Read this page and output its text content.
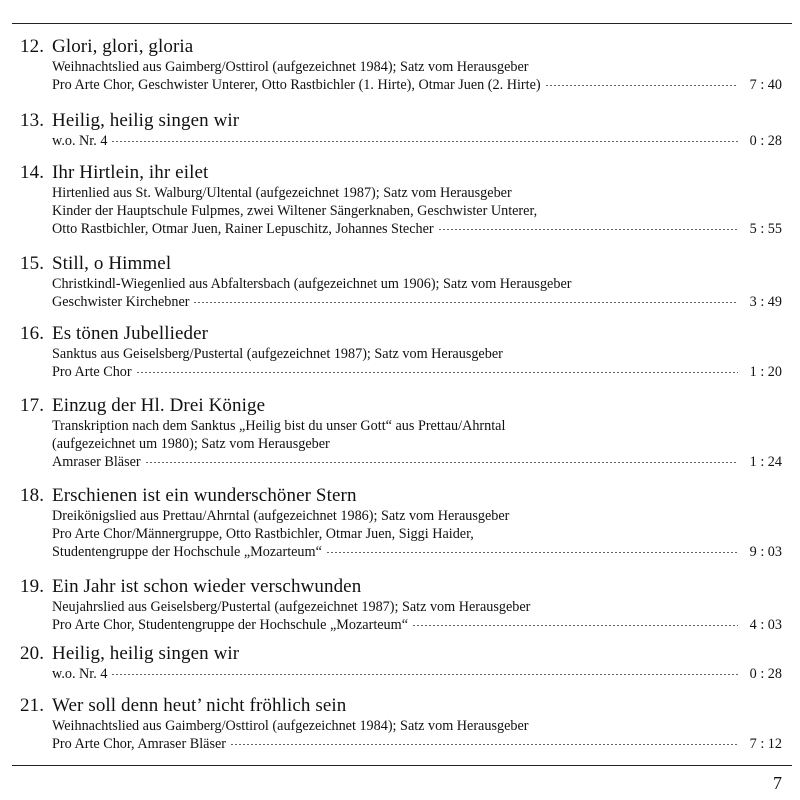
12. Glori, glori, gloria
Weihnachtslied aus Gaimberg/Osttirol (aufgezeichnet 1984); Satz vom Herausgeber
Pro Arte Chor, Geschwister Unterer, Otto Rastbichler (1. Hirte), Otmar Juen (2. Hirte)	7 : 40
13. Heilig, heilig singen wir
w.o. Nr. 4	0 : 28
14. Ihr Hirtlein, ihr eilet
Hirtenlied aus St. Walburg/Ultental (aufgezeichnet 1987); Satz vom Herausgeber
Kinder der Hauptschule Fulpmes, zwei Wiltener Sängerknaben, Geschwister Unterer,
Otto Rastbichler, Otmar Juen, Rainer Lepuschitz, Johannes Stecher	5 : 55
15. Still, o Himmel
Christkindl-Wiegenlied aus Abfaltersbach (aufgezeichnet um 1906); Satz vom Herausgeber
Geschwister Kirchebner	3 : 49
16. Es tönen Jubellieder
Sanktus aus Geiselsberg/Pustertal (aufgezeichnet 1987); Satz vom Herausgeber
Pro Arte Chor	1 : 20
17. Einzug der Hl. Drei Könige
Transkription nach dem Sanktus „Heilig bist du unser Gott“ aus Prettau/Ahrntal
(aufgezeichnet um 1980); Satz vom Herausgeber
Amraser Bläser	1 : 24
18. Erschienen ist ein wunderschöner Stern
Dreikönigslied aus Prettau/Ahrntal (aufgezeichnet 1986); Satz vom Herausgeber
Pro Arte Chor/Männergruppe, Otto Rastbichler, Otmar Juen, Siggi Haider,
Studentengruppe der Hochschule „Mozarteum“	9 : 03
19. Ein Jahr ist schon wieder verschwunden
Neujahrslied aus Geiselsberg/Pustertal (aufgezeichnet 1987); Satz vom Herausgeber
Pro Arte Chor, Studentengruppe der Hochschule „Mozarteum“	4 : 03
20. Heilig, heilig singen wir
w.o. Nr. 4	0 : 28
21. Wer soll denn heut’ nicht fröhlich sein
Weihnachtslied aus Gaimberg/Osttirol (aufgezeichnet 1984); Satz vom Herausgeber
Pro Arte Chor, Amraser Bläser	7 : 12
7
